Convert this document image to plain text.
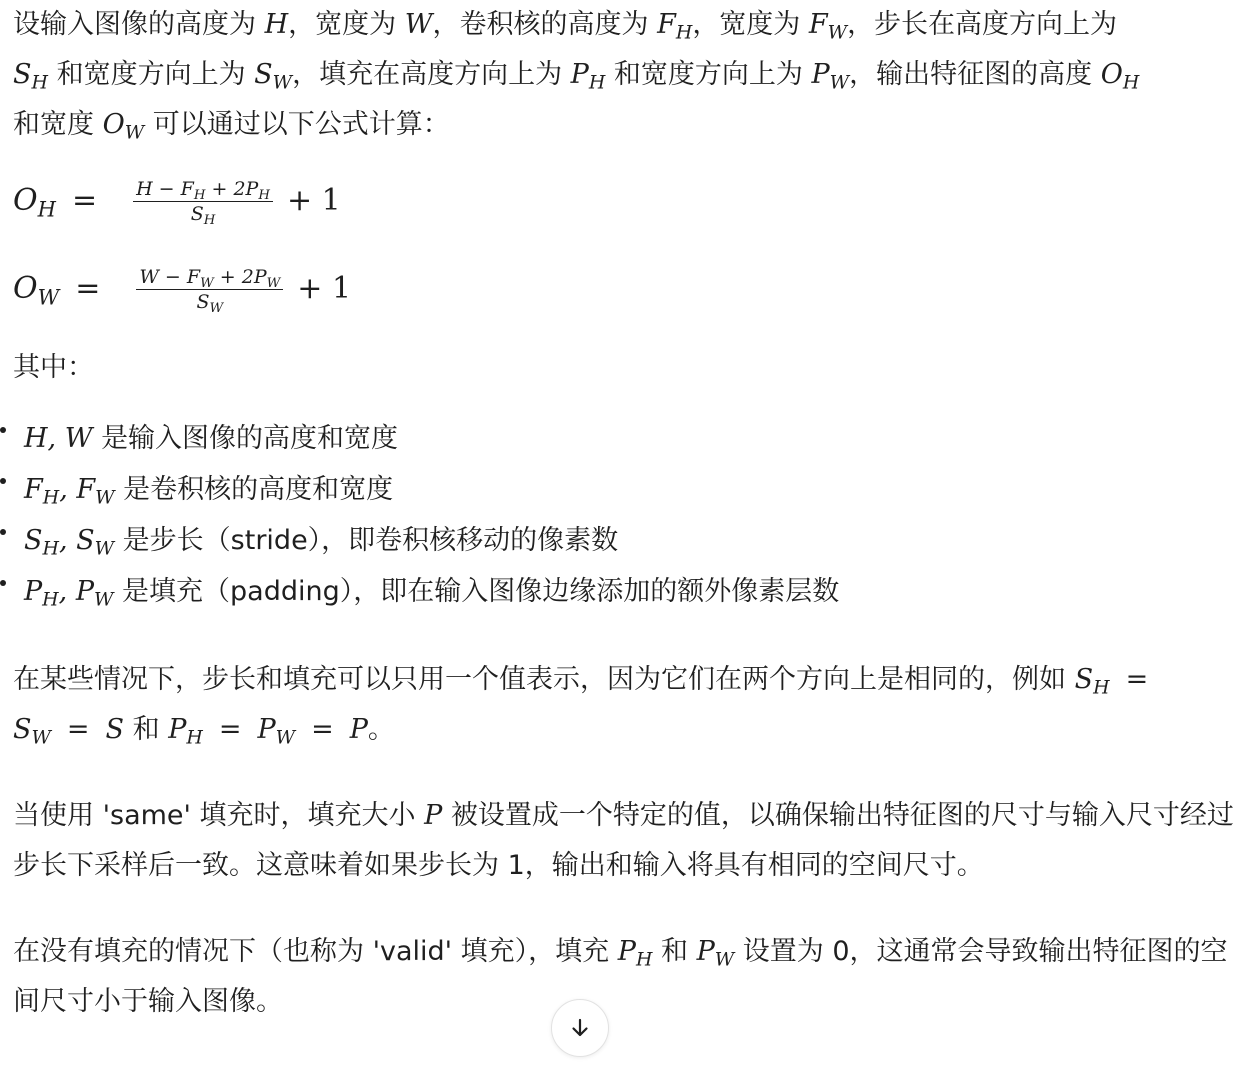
设输入图像的高度为 H，宽度为 W，卷积核的高度为 $F_H$，宽度为 $F_W$，步长在高度方向上为
$S_H$ 和宽度方向上为 $S_W$，填充在高度方向上为 $P_H$ 和宽度方向上为 $P_W$，输出特征图的高度 $O_H$
和宽度 $O_W$ 可以通过以下公式计算：

$O_H = \frac{H - F_H + 2P_H}{S_H} + 1$
$O_W = \frac{W - F_W + 2P_W}{S_W} + 1$

其中：

H, W 是输入图像的高度和宽度
$F_H$, $F_W$ 是卷积核的高度和宽度
$S_H$, $S_W$ 是步长（stride），即卷积核移动的像素数
$P_H$, $P_W$ 是填充（padding），即在输入图像边缘添加的额外像素层数

在某些情况下，步长和填充可以只用一个值表示，因为它们在两个方向上是相同的，例如 $S_H$ =
$S_W = S$ 和 $P_H = P_W = P$。

当使用 'same' 填充时，填充大小 P 被设置成一个特定的值，以确保输出特征图的尺寸与输入尺寸经过步长下采样后一致。这意味着如果步长为 1，输出和输入将具有相同的空间尺寸。

在没有填充的情况下（也称为 'valid' 填充），填充 $P_H$ 和 $P_W$ 设置为 0，这通常会导致输出特征图的空间尺寸小于输入图像。
